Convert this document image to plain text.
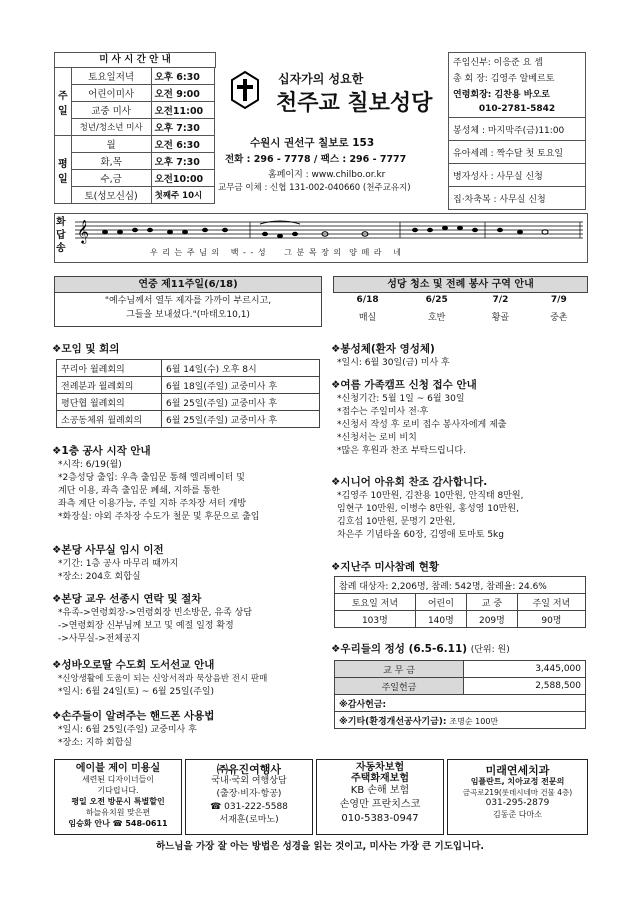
미 사 시 간 안 내
주일	토요일저녁	오후 6:30
	어린이미사	오전 9:00
	교중 미사	오전11:00
	청년/청소년 미사	오후 7:30
평일	월	오전 6:30
	화,목	오후 7:30
	수,금	오전10:00
	토(성모신심)	첫째주 10시
십자가의 성요한
천주교 칠보성당
수원시 권선구 칠보로 153
전화 : 296 - 7778 / 팩스 : 296 - 7777
홈페이지 : www.chilbo.or.kr
교무금 이체 : 신협 131-002-040660 (천주교유지)
주임신부: 이응준 요 셉
총 회 장: 김영주 알베르토
연령회장: 김찬용 바오로
010-2781-5842
봉성체 : 마지막주(금)11:00
유아세례 : 짝수달 첫 토요일
병자성사 : 사무실 신청
집·차축복 : 사무실 신청
화답송
𝄞
우 리 는 주 님 의   백 - - 성     그 분 목 장 의  양 떼 라   네
연중 제11주일(6/18)
"예수님께서 열두 제자를 가까이 부르시고,
그들을 보내셨다."(마태오10,1)
❖모임 및 회의
꾸리아 월례회의	6월 14일(수) 오후 8시
전례분과 월례회의	6월 18일(주일) 교중미사 후
평단협 월례회의	6월 25일(주일) 교중미사 후
소공동체위 월례회의	6월 25일(주일) 교중미사 후
❖1층 공사 시작 안내
*시작: 6/19(월)
*2층성당 출입: 우측 출입문 통해 엘리베이터 및
계단 이용, 좌측 출입문 폐쇄, 지하를 통한
좌측 계단 이용가능, 주일 지하 주차장 셔터 개방
*화장실: 야외 주차장 수도가 철문 및 후문으로 출입
❖본당 사무실 임시 이전
*기간: 1층 공사 마무리 때까지
*장소: 204호 회합실
❖본당 교우 선종시 연락 및 절차
*유족->연령회장->연령회장 빈소방문, 유족 상담
->연령회장 신부님께 보고 및 예절 일정 확정
->사무실->전체공지
❖성바오로딸 수도회 도서선교 안내
*신앙생활에 도움이 되는 신앙서적과 묵상음반 전시 판매
*일시: 6월 24일(토) ~ 6월 25일(주일)
❖손주들이 알려주는 핸드폰 사용법
*일시: 6월 25일(주일) 교중미사 후
*장소: 지하 회합실
성당 청소 및 전례 봉사 구역 안내
6/18	6/25	7/2	7/9
매실	호반	황골	중촌
❖봉성체(환자 영성체)
*일시: 6월 30일(금) 미사 후
❖여름 가족캠프 신청 접수 안내
*신청기간: 5월 1일 ~ 6월 30일
*접수는 주일미사 전·후
*신청서 작성 후 로비 접수 봉사자에게 제출
*신청서는 로비 비치
*많은 후원과 찬조 부탁드립니다.
❖시니어 아유회 찬조 감사합니다.
*김영주 10만원, 김찬용 10만원, 안직태 8만원,
임현구 10만원, 이병수 8만원, 홍성영 10만원,
김호섭 10만원, 문명기 2만원,
차은주 기념타올 60장, 김영애 토마토 5kg
❖지난주 미사참례 현황
참례 대상자: 2,206명, 참례: 542명, 참례율: 24.6%			
토요일 저녁	어린이	교 중	주일 저녁
103명	140명	209명	90명
❖우리들의 정성 (6.5-6.11) (단위: 원)
교 무 금	3,445,000
주일헌금	2,588,500
※감사헌금:	
※기타(환경개선공사기금): 조명순 100만	
에이블 제이 미용실
세련된 디자이너들이
기다립니다.
평일 오전 방문시 특별할인
하늘유치원 맞은편
임승화 안나 ☎ 548-0611
㈜유진여행사
국내·국외 여행상담
(출장·비자·항공)
☎ 031-222-5588
서재훈(로마노)
자동차보험
주택화재보험
KB 손해 보험
손영만 프란치스코
010-5383-0947
미래연세치과
임플란트, 치아교정 전문의
금곡로219(롯데시네마 건물 4층)
031-295-2879
김동준 다마소
하느님을 가장 잘 아는 방법은 성경을 읽는 것이고, 미사는 가장 큰 기도입니다.
